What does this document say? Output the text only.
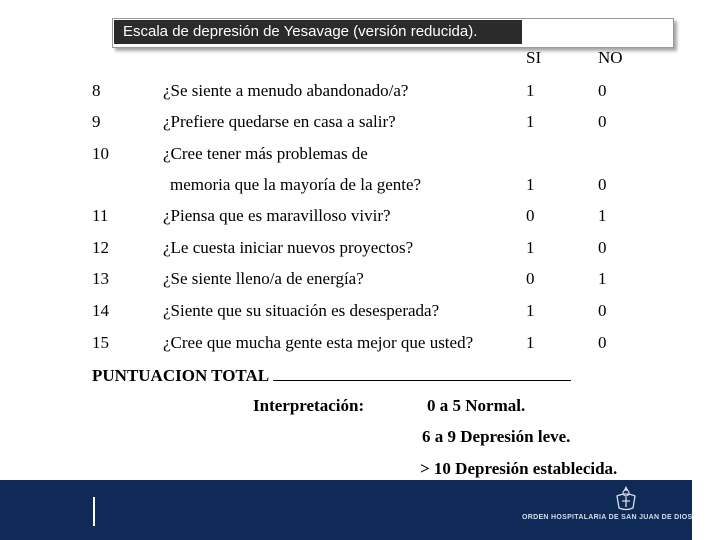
Escala de depresión de Yesavage (versión reducida).
SI	NO
8	¿Se siente a menudo abandonado/a?	1	0
9	¿Prefiere quedarse en casa a salir?	1	0
10	¿Cree tener más problemas de
memoria que la mayoría de la gente?	1	0
11	¿Piensa que es maravilloso vivir?	0	1
12	¿Le cuesta iniciar nuevos proyectos?	1	0
13	¿Se siente lleno/a de energía?	0	1
14	¿Siente que su situación es desesperada?	1	0
15	¿Cree que mucha gente esta mejor que usted?	1	0
PUNTUACION TOTAL
Interpretación:	0 a 5 Normal.
6 a 9 Depresión leve.
> 10 Depresión establecida.
ORDEN HOSPITALARIA DE SAN JUAN DE DIOS
